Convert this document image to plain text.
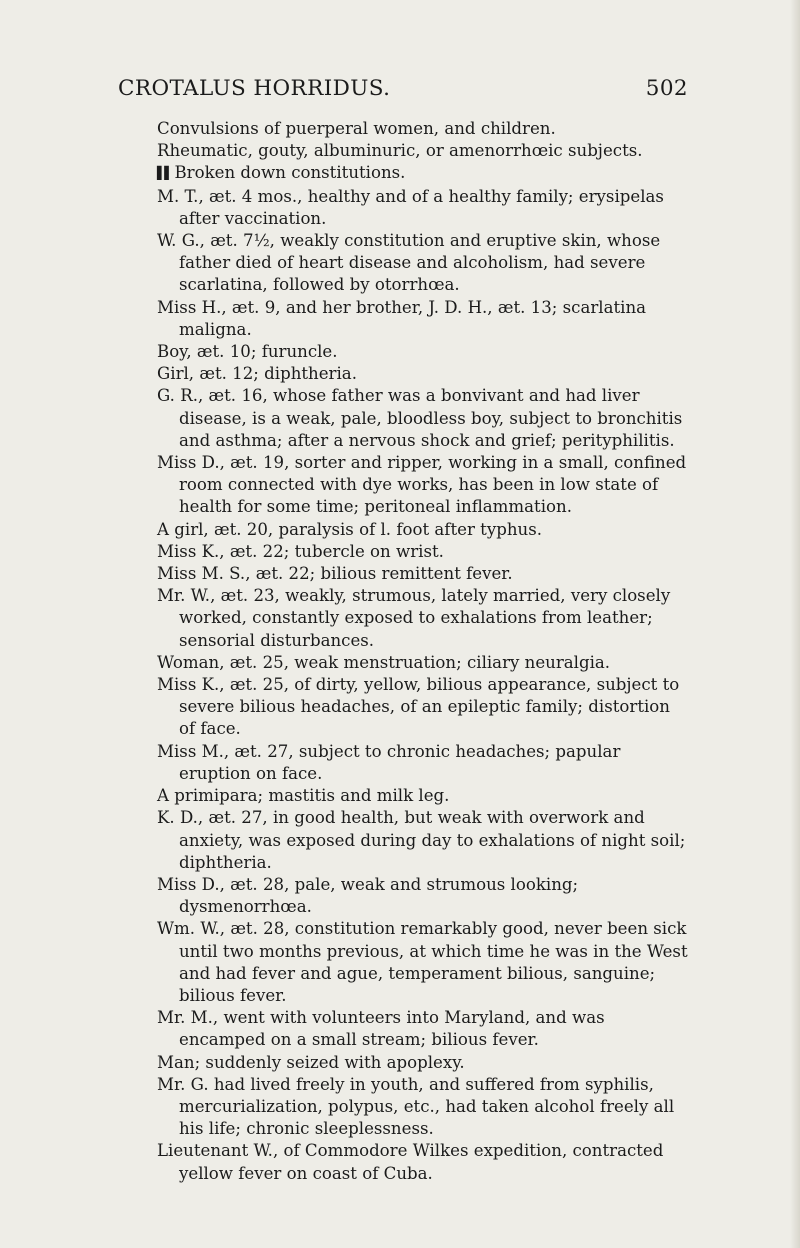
CROTALUS HORRIDUS.	502

Convulsions of puerperal women, and children.

Rheumatic, gouty, albuminuric, or amenorrhœic subjects.

▌▌ Broken down constitutions.

M. T., æt. 4 mos., healthy and of a healthy family; erysipelas after vaccination.

W. G., æt. 7½, weakly constitution and eruptive skin, whose father died of heart disease and alcoholism, had severe scarlatina, followed by otorrhœa.

Miss H., æt. 9, and her brother, J. D. H., æt. 13; scarlatina maligna.

Boy, æt. 10; furuncle.

Girl, æt. 12; diphtheria.

G. R., æt. 16, whose father was a bonvivant and had liver disease, is a weak, pale, bloodless boy, subject to bronchitis and asthma; after a nervous shock and grief; perityphilitis.

Miss D., æt. 19, sorter and ripper, working in a small, confined room connected with dye works, has been in low state of health for some time; peritoneal inflammation.

A girl, æt. 20, paralysis of l. foot after typhus.

Miss K., æt. 22; tubercle on wrist.

Miss M. S., æt. 22; bilious remittent fever.

Mr. W., æt. 23, weakly, strumous, lately married, very closely worked, constantly exposed to exhalations from leather; sensorial disturbances.

Woman, æt. 25, weak menstruation; ciliary neuralgia.

Miss K., æt. 25, of dirty, yellow, bilious appearance, subject to severe bilious headaches, of an epileptic family; distortion of face.

Miss M., æt. 27, subject to chronic headaches; papular eruption on face.

A primipara; mastitis and milk leg.

K. D., æt. 27, in good health, but weak with overwork and anxiety, was exposed during day to exhalations of night soil; diphtheria.

Miss D., æt. 28, pale, weak and strumous looking; dysmenorrhœa.

Wm. W., æt. 28, constitution remarkably good, never been sick until two months previous, at which time he was in the West and had fever and ague, temperament bilious, sanguine; bilious fever.

Mr. M., went with volunteers into Maryland, and was encamped on a small stream; bilious fever.

Man; suddenly seized with apoplexy.

Mr. G. had lived freely in youth, and suffered from syphilis, mercurialization, polypus, etc., had taken alcohol freely all his life; chronic sleeplessness.

Lieutenant W., of Commodore Wilkes expedition, contracted yellow fever on coast of Cuba.
